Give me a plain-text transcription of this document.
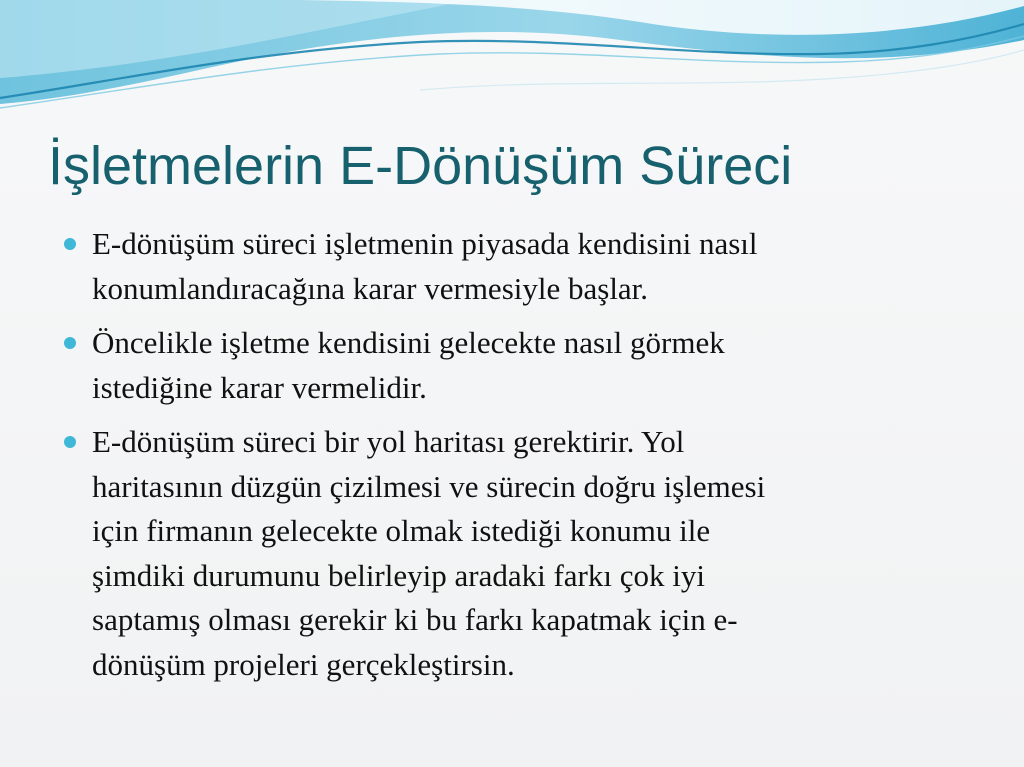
İşletmelerin E-Dönüşüm Süreci
E-dönüşüm süreci işletmenin piyasada kendisini nasıl
konumlandıracağına karar vermesiyle başlar.
Öncelikle işletme kendisini gelecekte nasıl görmek
istediğine karar vermelidir.
E-dönüşüm süreci bir yol haritası gerektirir. Yol
haritasının düzgün çizilmesi ve sürecin doğru işlemesi
için firmanın gelecekte olmak istediği konumu ile
şimdiki durumunu belirleyip aradaki farkı çok iyi
saptamış olması gerekir ki bu farkı kapatmak için e-
dönüşüm projeleri gerçekleştirsin.
